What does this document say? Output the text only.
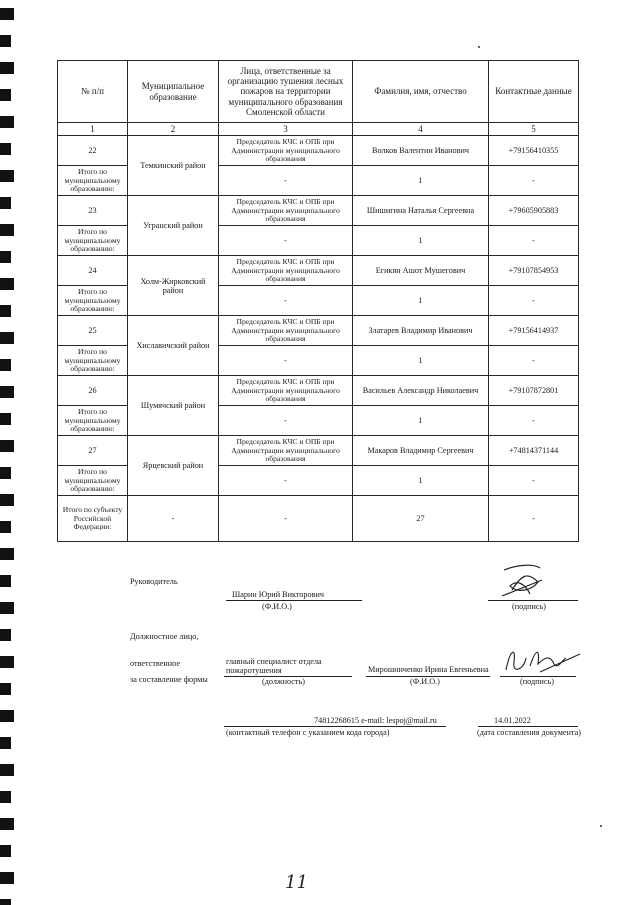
№ п/п	Муниципальное образование	Лица, ответственные за организацию тушения лесных пожаров на территории муниципального образования Смоленской области	Фамилия, имя, отчество	Контактные данные
1	2	3	4	5
22	Темкинский район	Председатель КЧС и ОПБ при Администрации муниципального образования	Волков Валентин Иванович	+79156410355
Итого по муниципальному образованию:		-	1	-
23	Угранский район	Председатель КЧС и ОПБ при Администрации муниципального образования	Шишигина Наталья Сергеевна	+79605905883
Итого по муниципальному образованию:		-	1	-
24	Холм-Жирковский район	Председатель КЧС и ОПБ при Администрации муниципального образования	Егикян Ашот Мушегович	+79107854953
Итого по муниципальному образованию:		-	1	-
25	Хиславичский район	Председатель КЧС и ОПБ при Администрации муниципального образования	Златарев Владимир Иванович	+79156414937
Итого по муниципальному образованию:		-	1	-
26	Шумячский район	Председатель КЧС и ОПБ при Администрации муниципального образования	Васильев Александр Николаевич	+79107872801
Итого по муниципальному образованию:		-	1	-
27	Ярцевский район	Председатель КЧС и ОПБ при Администрации муниципального образования	Макаров Владимир Сергеевич	+74814371144
Итого по муниципальному образованию:		-	1	-
Итого по субъекту Российской Федерации:	-	-	27	-
Руководитель
Шарин Юрий Викторович
(Ф.И.О.)	(подпись)
Должностное лицо,
ответственное
за составление формы
главный специалист отдела пожаротушения
(должность)
Мирошниченко Ирина Евгеньевна
(Ф.И.О.)	(подпись)
74812268615 e-mail: lespoj@mail.ru
(контактный телефон с указанием кода города)
14.01.2022
(дата составления документа)
11
